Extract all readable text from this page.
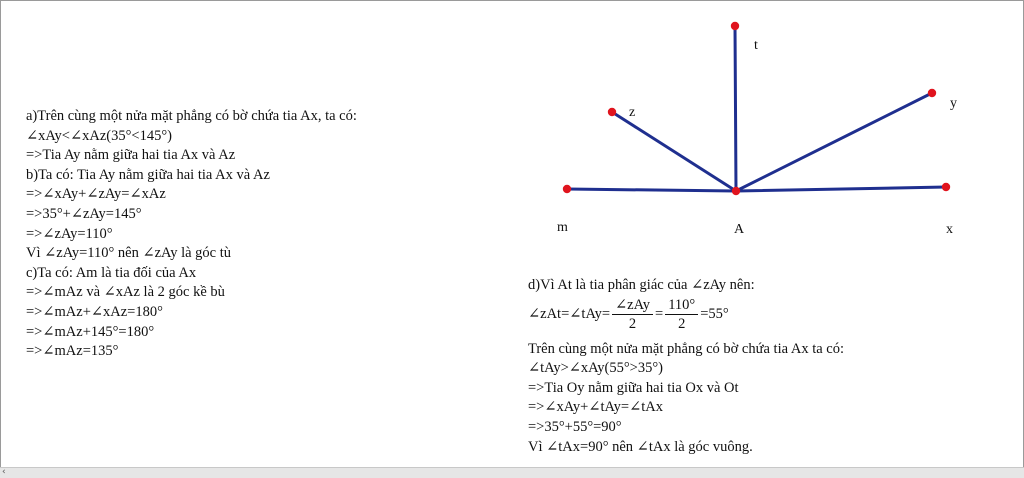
a)Trên cùng một nửa mặt phẳng có bờ chứa tia Ax, ta có:
∠xAy<∠xAz(35°<145°)
=>Tia Ay nằm giữa hai tia Ax và Az
b)Ta có: Tia Ay nằm giữa hai tia Ax và Az
=>∠xAy+∠zAy=∠xAz
=>35°+∠zAy=145°
=>∠zAy=110°
Vì ∠zAy=110° nên ∠zAy là góc tù
c)Ta có: Am là tia đối của Ax
=>∠mAz và ∠xAz là 2 góc kề bù
=>∠mAz+∠xAz=180°
=>∠mAz+145°=180°
=>∠mAz=135°
m	A	x
z
t
y
d)Vì At là tia phân giác của ∠zAy nên:
∠zAt=∠tAy= $\frac{\text{∠zAy}}{2} = \frac{110^\circ}{2} =55^\circ$
Trên cùng một nửa mặt phẳng có bờ chứa tia Ax ta có:
∠tAy>∠xAy(55°>35°)
=>Tia Oy nằm giữa hai tia Ox và Ot
=>∠xAy+∠tAy=∠tAx
=>35°+55°=90°
Vì ∠tAx=90° nên ∠tAx là góc vuông.
‹
